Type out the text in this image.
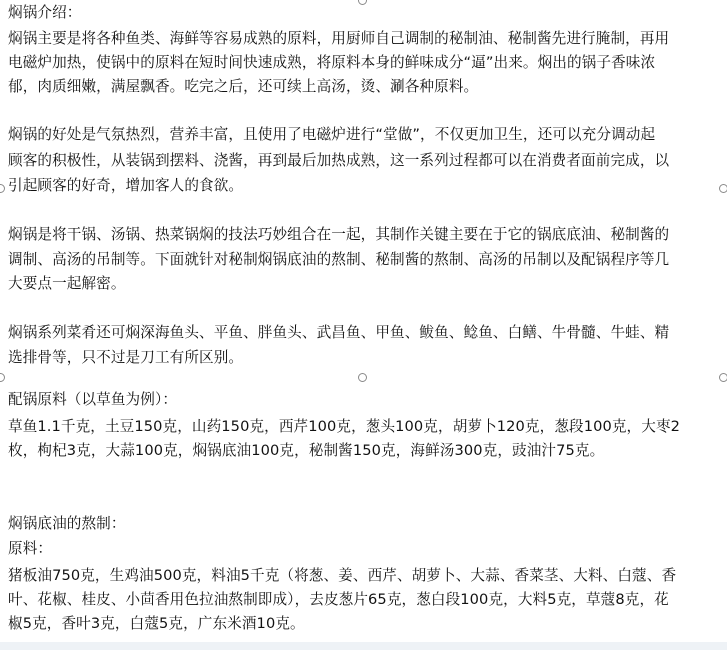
焖锅介绍：
焖锅主要是将各种鱼类、海鲜等容易成熟的原料，用厨师自己调制的秘制油、秘制酱先进行腌制，再用
电磁炉加热，使锅中的原料在短时间快速成熟，将原料本身的鲜味成分“逼”出来。焖出的锅子香味浓
郁，肉质细嫩，满屋飘香。吃完之后，还可续上高汤，烫、涮各种原料。
焖锅的好处是气氛热烈，营养丰富，且使用了电磁炉进行“堂做”，不仅更加卫生，还可以充分调动起
顾客的积极性，从装锅到摆料、浇酱，再到最后加热成熟，这一系列过程都可以在消费者面前完成，以
引起顾客的好奇，增加客人的食欲。
焖锅是将干锅、汤锅、热菜锅焖的技法巧妙组合在一起，其制作关键主要在于它的锅底底油、秘制酱的
调制、高汤的吊制等。下面就针对秘制焖锅底油的熬制、秘制酱的熬制、高汤的吊制以及配锅程序等几
大要点一起解密。
焖锅系列菜肴还可焖深海鱼头、平鱼、胖鱼头、武昌鱼、甲鱼、鲅鱼、鲶鱼、白鳝、牛骨髓、牛蛙、精
选排骨等，只不过是刀工有所区别。
配锅原料（以草鱼为例）：
草鱼1.1千克，土豆150克，山药150克，西芹100克，葱头100克，胡萝卜120克，葱段100克，大枣2
枚，枸杞3克，大蒜100克，焖锅底油100克，秘制酱150克，海鲜汤300克，豉油汁75克。
焖锅底油的熬制：
原料：
猪板油750克，生鸡油500克，料油5千克（将葱、姜、西芹、胡萝卜、大蒜、香菜茎、大料、白蔻、香
叶、花椒、桂皮、小茴香用色拉油熬制即成），去皮葱片65克，葱白段100克，大料5克，草蔻8克，花
椒5克，香叶3克，白蔻5克，广东米酒10克。
